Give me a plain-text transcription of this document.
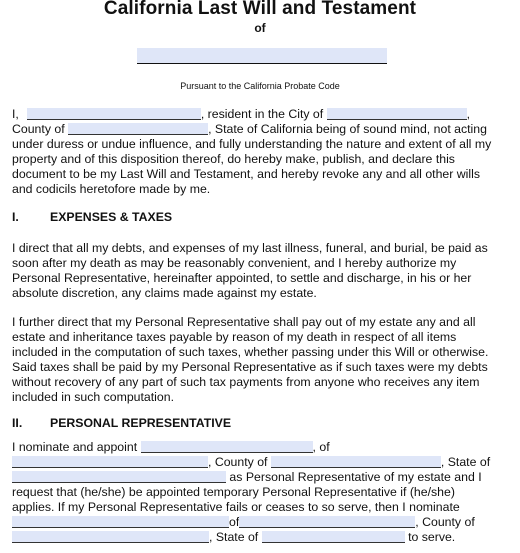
California Last Will and Testament
of
Pursuant to the California Probate Code
I,	, resident in the City of	,
County of	, State of California being of sound mind, not acting
under duress or undue influence, and fully understanding the nature and extent of all my
property and of this disposition thereof, do hereby make, publish, and declare this
document to be my Last Will and Testament, and hereby revoke any and all other wills
and codicils heretofore made by me.
I.	EXPENSES & TAXES
I direct that all my debts, and expenses of my last illness, funeral, and burial, be paid as
soon after my death as may be reasonably convenient, and I hereby authorize my
Personal Representative, hereinafter appointed, to settle and discharge, in his or her
absolute discretion, any claims made against my estate.
I further direct that my Personal Representative shall pay out of my estate any and all
estate and inheritance taxes payable by reason of my death in respect of all items
included in the computation of such taxes, whether passing under this Will or otherwise.
Said taxes shall be paid by my Personal Representative as if such taxes were my debts
without recovery of any part of such tax payments from anyone who receives any item
included in such computation.
II. PERSONAL REPRESENTATIVE
I nominate and appoint	, of
, County of	, State of
as Personal Representative of my estate and I
request that (he/she) be appointed temporary Personal Representative if (he/she)
applies. If my Personal Representative fails or ceases to so serve, then I nominate
of	, County of
, State of	to serve.
